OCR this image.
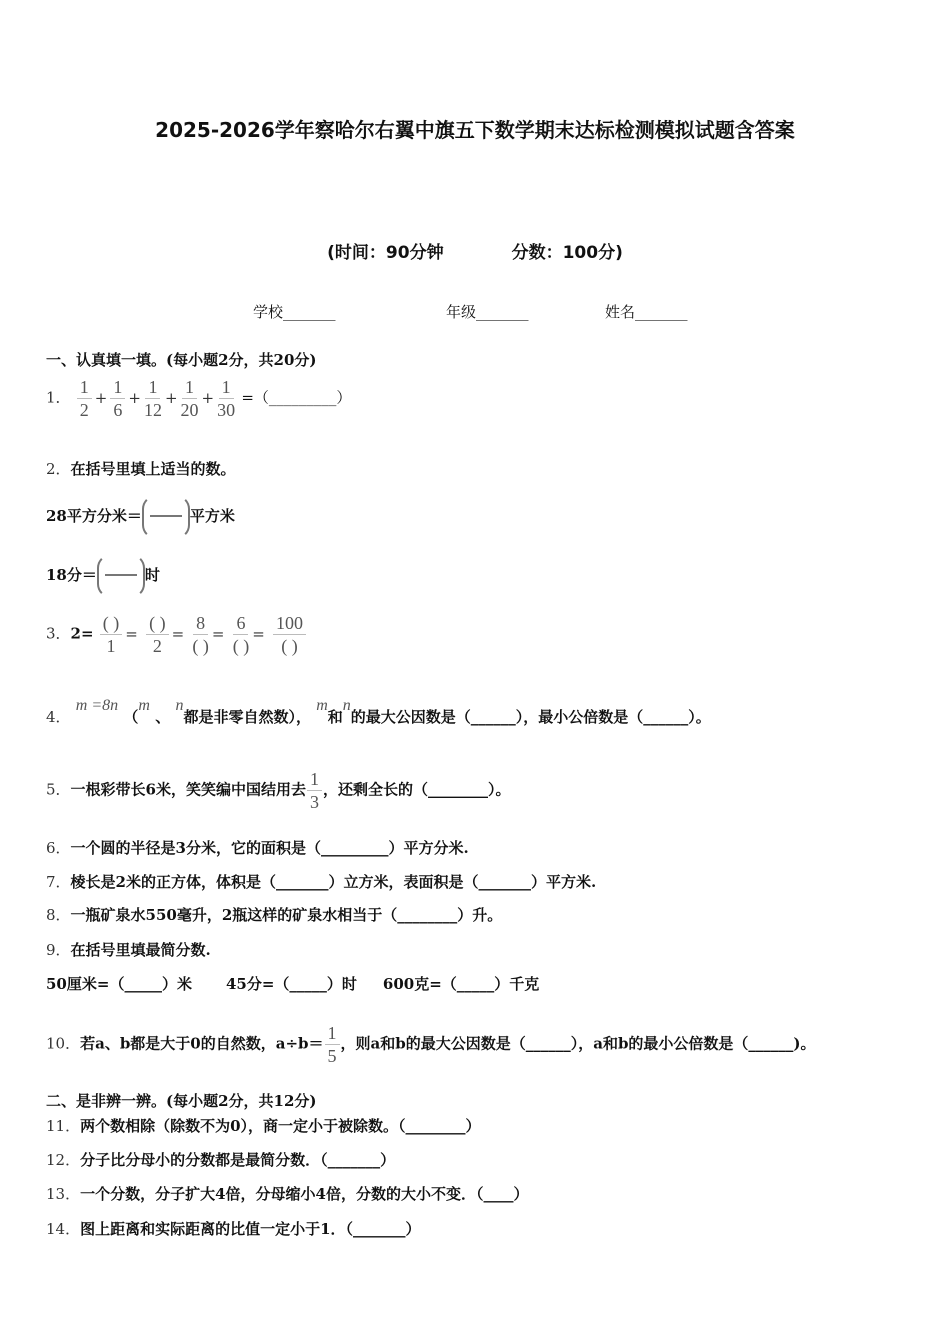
2025-2026学年察哈尔右翼中旗五下数学期末达标检测模拟试题含答案
(时间：90分钟	分数：100分)
学校_______	年级_______	姓名_______
一、认真填一填。(每小题2分，共20分)
1． $\frac{1}{2} + \frac{1}{6} + \frac{1}{12} + \frac{1}{20} + \frac{1}{30}$ =（_________）
2．在括号里填上适当的数。
28平方分米＝	平方米
18分＝	时
3．$2= \frac{( )}{1} = \frac{( )}{2} = \frac{8}{( )} = \frac{6}{( )} = \frac{100}{( )}$
4． m =8n （m 、 n都是非零自然数）， m和n的最大公因数是（______），最小公倍数是（______）。
5．一根彩带长6米，笑笑编中国结用去 $\frac{1}{3}$ ，还剩全长的（________）。
6．一个圆的半径是3分米，它的面积是（_________）平方分米.
7．棱长是2米的正方体，体积是（_______）立方米，表面积是（_______）平方米.
8．一瓶矿泉水550毫升，2瓶这样的矿泉水相当于（________）升。
9．在括号里填最简分数.
50厘米=（_____）米 45分=（_____）时 600克=（_____）千克
10．若a、b都是大于0的自然数，$a\div b= \frac{1}{5}$ ，则a和b的最大公因数是（______），a和b的最小公倍数是（______)。
二、是非辨一辨。(每小题2分，共12分)
11．两个数相除（除数不为0），商一定小于被除数。（________）
12．分子比分母小的分数都是最简分数．（_______）
13．一个分数，分子扩大4倍，分母缩小4倍，分数的大小不变．（____）
14．图上距离和实际距离的比值一定小于1．（_______）
